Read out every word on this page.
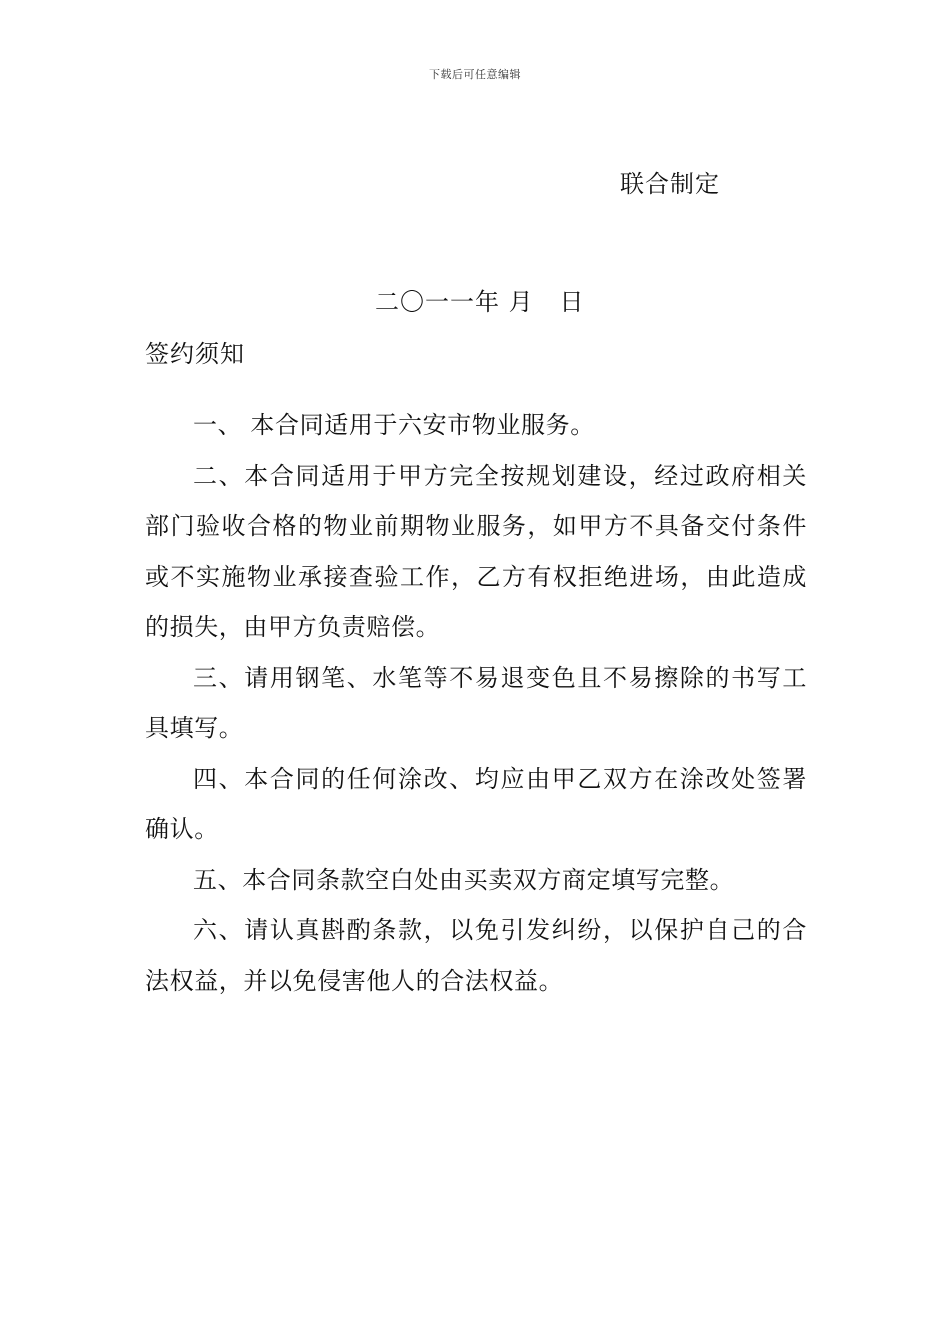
下载后可任意编辑
联合制定
二〇一一年 月   日
签约须知

一、 本合同适用于六安市物业服务。

二、本合同适用于甲方完全按规划建设，经过政府相关部门验收合格的物业前期物业服务，如甲方不具备交付条件或不实施物业承接查验工作，乙方有权拒绝进场，由此造成的损失，由甲方负责赔偿。

三、请用钢笔、水笔等不易退变色且不易擦除的书写工具填写。

四、本合同的任何涂改、均应由甲乙双方在涂改处签署确认。

五、本合同条款空白处由买卖双方商定填写完整。

六、请认真斟酌条款，以免引发纠纷，以保护自己的合法权益，并以免侵害他人的合法权益。
